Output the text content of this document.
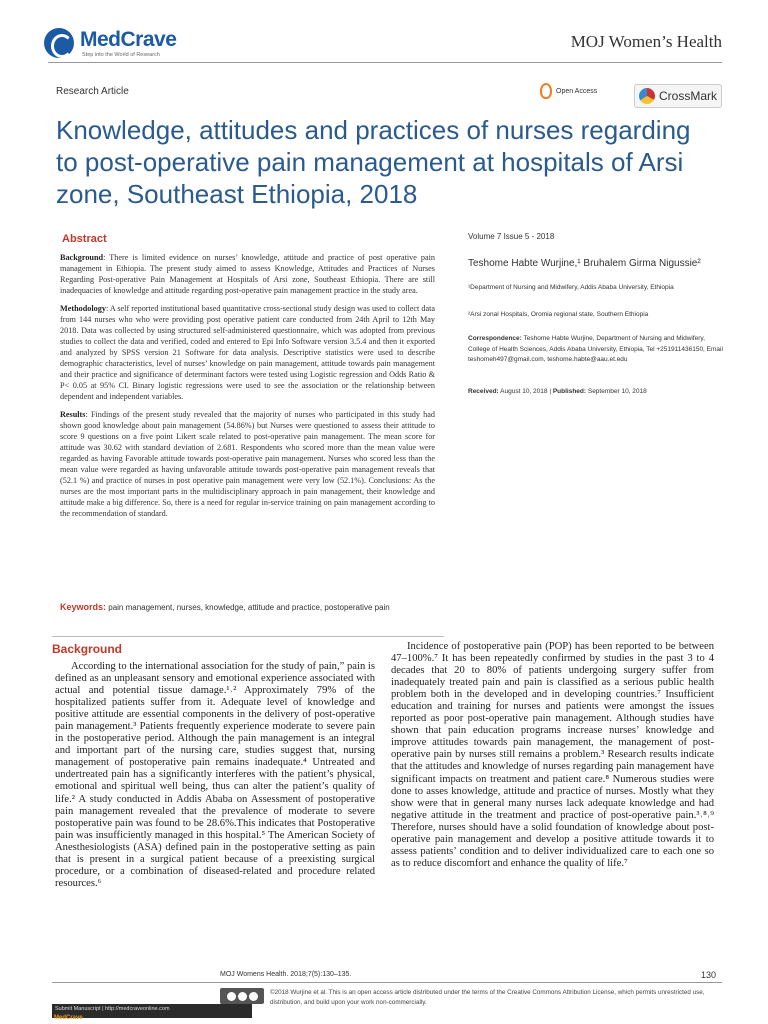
MedCrave
Step into the World of Research
MOJ Women’s Health
Research Article	Open Access	CrossMark
Knowledge, attitudes and practices of nurses regarding to post-operative pain management at hospitals of Arsi zone, Southeast Ethiopia, 2018
Abstract

Background: There is limited evidence on nurses’ knowledge, attitude and practice of post operative pain management in Ethiopia. The present study aimed to assess Knowledge, Attitudes and Practices of Nurses Regarding Post-operative Pain Management at Hospitals of Arsi zone, Southeast Ethiopia. There are still inadequacies of knowledge and attitude regarding post-operative pain management practice in the study area.

Methodology: A self reported institutional based quantitative cross-sectional study design was used to collect data from 144 nurses who who were providing post operative patient care conducted from 24th April to 12th May 2018. Data was collected by using structured self-administered questionnaire, which was adopted from previous studies to collect the data and verified, coded and entered to Epi Info Software version 3.5.4 and then it exported and analyzed by SPSS version 21 Software for data analysis. Descriptive statistics were used to describe demographic characteristics, level of nurses’ knowledge on pain management, attitude towards pain management and their practice and significance of determinant factors were tested using Logistic regression and Odds Ratio & P< 0.05 at 95% CI. Binary logistic regressions were used to see the association or the relationship between dependent and independent variables.

Results: Findings of the present study revealed that the majority of nurses who participated in this study had shown good knowledge about pain management (54.86%) but Nurses were questioned to assess their attitude to score 9 questions on a five point Likert scale related to post-operative pain management. The mean score for attitude was 30.62 with standard deviation of 2.681. Respondents who scored more than the mean value were regarded as having Favorable attitude towards post-operative pain management. Nurses who scored less than the mean value were regarded as having unfavorable attitude towards post-operative pain management reveals that (52.1 %) and practice of nurses in post operative pain management were very low (52.1%). Conclusions: As the nurses are the most important parts in the multidisciplinary approach in pain management, their knowledge and attitude make a big difference. So, there is a need for regular in-service training on pain management according to the recommendation of standard.

Keywords: pain management, nurses, knowledge, attitude and practice, postoperative pain
Volume 7 Issue 5 - 2018
Teshome Habte Wurjine,¹ Bruhalem Girma Nigussie²
¹Department of Nursing and Midwifery, Addis Ababa University, Ethiopia
²Arsi zonal Hospitals, Oromia regional state, Southern Ethiopia
Correspondence: Teshome Habte Wurjine, Department of Nursing and Midwifery, College of Health Sciences, Addis Ababa University, Ethiopia, Tel +251911436150, Email teshomeh497@gmail.com, teshome.habte@aau.et.edu
Received: August 10, 2018 | Published: September 10, 2018
Background

According to the international association for the study of pain,” pain is defined as an unpleasant sensory and emotional experience associated with actual and potential tissue damage.¹˒² Approximately 79% of the hospitalized patients suffer from it. Adequate level of knowledge and positive attitude are essential components in the delivery of post-operative pain management.³ Patients frequently experience moderate to severe pain in the postoperative period. Although the pain management is an integral and important part of the nursing care, studies suggest that, nursing management of postoperative pain remains inadequate.⁴ Untreated and undertreated pain has a significantly interferes with the patient’s physical, emotional and spiritual well being, thus can alter the patient’s quality of life.² A study conducted in Addis Ababa on Assessment of postoperative pain management revealed that the prevalence of moderate to severe postoperative pain was found to be 28.6%.This indicates that Postoperative pain was insufficiently managed in this hospital.⁵ The American Society of Anesthesiologists (ASA) defined pain in the postoperative setting as pain that is present in a surgical patient because of a preexisting surgical procedure, or a combination of diseased-related and procedure related resources.⁶

Incidence of postoperative pain (POP) has been reported to be between 47–100%.⁷ It has been repeatedly confirmed by studies in the past 3 to 4 decades that 20 to 80% of patients undergoing surgery suffer from inadequately treated pain and pain is classified as a serious public health problem both in the developed and in developing countries.⁷ Insufficient education and training for nurses and patients were amongst the issues reported as poor post-operative pain management. Although studies have shown that pain education programs increase nurses’ knowledge and improve attitudes towards pain management, the management of post-operative pain by nurses still remains a problem.³ Research results indicate that the attitudes and knowledge of nurses regarding pain management have significant impacts on treatment and patient care.⁸ Numerous studies were done to asses knowledge, attitude and practice of nurses. Mostly what they show were that in general many nurses lack adequate knowledge and had negative attitude in the treatment and practice of post-operative pain.³˒⁸˒⁹ Therefore, nurses should have a solid foundation of knowledge about post-operative pain management and develop a positive attitude towards it to assess patients’ condition and to deliver individualized care to each one so as to reduce discomfort and enhance the quality of life.⁷

MOJ Womens Health. 2018;7(5):130‒135.	130
©2018 Wurjine et al. This is an open access article distributed under the terms of the Creative Commons Attribution License, which permits unrestricted use, distribution, and build upon your work non-commercially.
Submit Manuscript | http://medcraveonline.com
MedCrave
